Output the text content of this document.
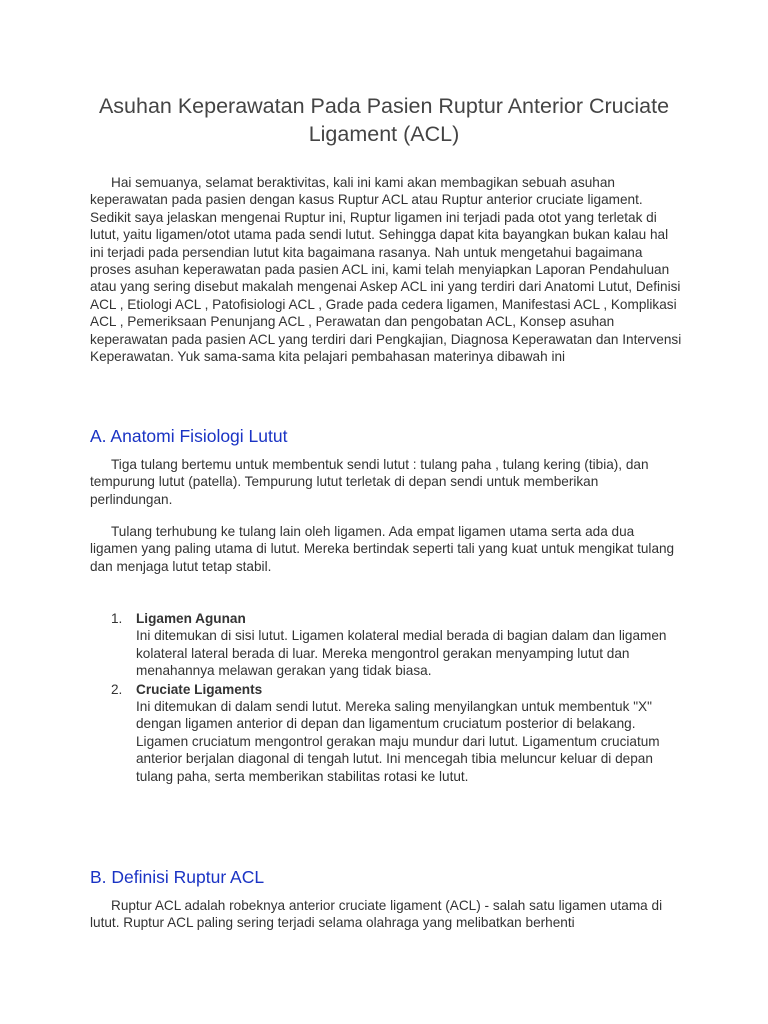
Asuhan Keperawatan Pada Pasien Ruptur Anterior Cruciate Ligament (ACL)

Hai semuanya, selamat beraktivitas, kali ini kami akan membagikan sebuah asuhan keperawatan pada pasien dengan kasus Ruptur ACL atau Ruptur anterior cruciate ligament. Sedikit saya jelaskan mengenai Ruptur ini, Ruptur ligamen ini terjadi pada otot yang terletak di lutut, yaitu ligamen/otot utama pada sendi lutut. Sehingga dapat kita bayangkan bukan kalau hal ini terjadi pada persendian lutut kita bagaimana rasanya. Nah untuk mengetahui bagaimana proses asuhan keperawatan pada pasien ACL ini, kami telah menyiapkan Laporan Pendahuluan atau yang sering disebut makalah mengenai Askep ACL ini yang terdiri dari Anatomi Lutut, Definisi ACL , Etiologi ACL , Patofisiologi ACL , Grade pada cedera ligamen, Manifestasi ACL , Komplikasi ACL , Pemeriksaan Penunjang ACL , Perawatan dan pengobatan ACL, Konsep asuhan keperawatan pada pasien ACL yang terdiri dari Pengkajian, Diagnosa Keperawatan dan Intervensi Keperawatan. Yuk sama-sama kita pelajari pembahasan materinya dibawah ini

A. Anatomi Fisiologi Lutut

Tiga tulang bertemu untuk membentuk sendi lutut : tulang paha , tulang kering (tibia), dan tempurung lutut (patella). Tempurung lutut terletak di depan sendi untuk memberikan perlindungan.

Tulang terhubung ke tulang lain oleh ligamen. Ada empat ligamen utama serta ada dua ligamen yang paling utama di lutut. Mereka bertindak seperti tali yang kuat untuk mengikat tulang dan menjaga lutut tetap stabil.

1. Ligamen Agunan
Ini ditemukan di sisi lutut. Ligamen kolateral medial berada di bagian dalam dan ligamen kolateral lateral berada di luar. Mereka mengontrol gerakan menyamping lutut dan menahannya melawan gerakan yang tidak biasa.
2. Cruciate Ligaments
Ini ditemukan di dalam sendi lutut. Mereka saling menyilangkan untuk membentuk "X" dengan ligamen anterior di depan dan ligamentum cruciatum posterior di belakang. Ligamen cruciatum mengontrol gerakan maju mundur dari lutut. Ligamentum cruciatum anterior berjalan diagonal di tengah lutut. Ini mencegah tibia meluncur keluar di depan tulang paha, serta memberikan stabilitas rotasi ke lutut.
B. Definisi Ruptur ACL

Ruptur ACL adalah robeknya anterior cruciate ligament (ACL) - salah satu ligamen utama di lutut. Ruptur ACL paling sering terjadi selama olahraga yang melibatkan berhenti
